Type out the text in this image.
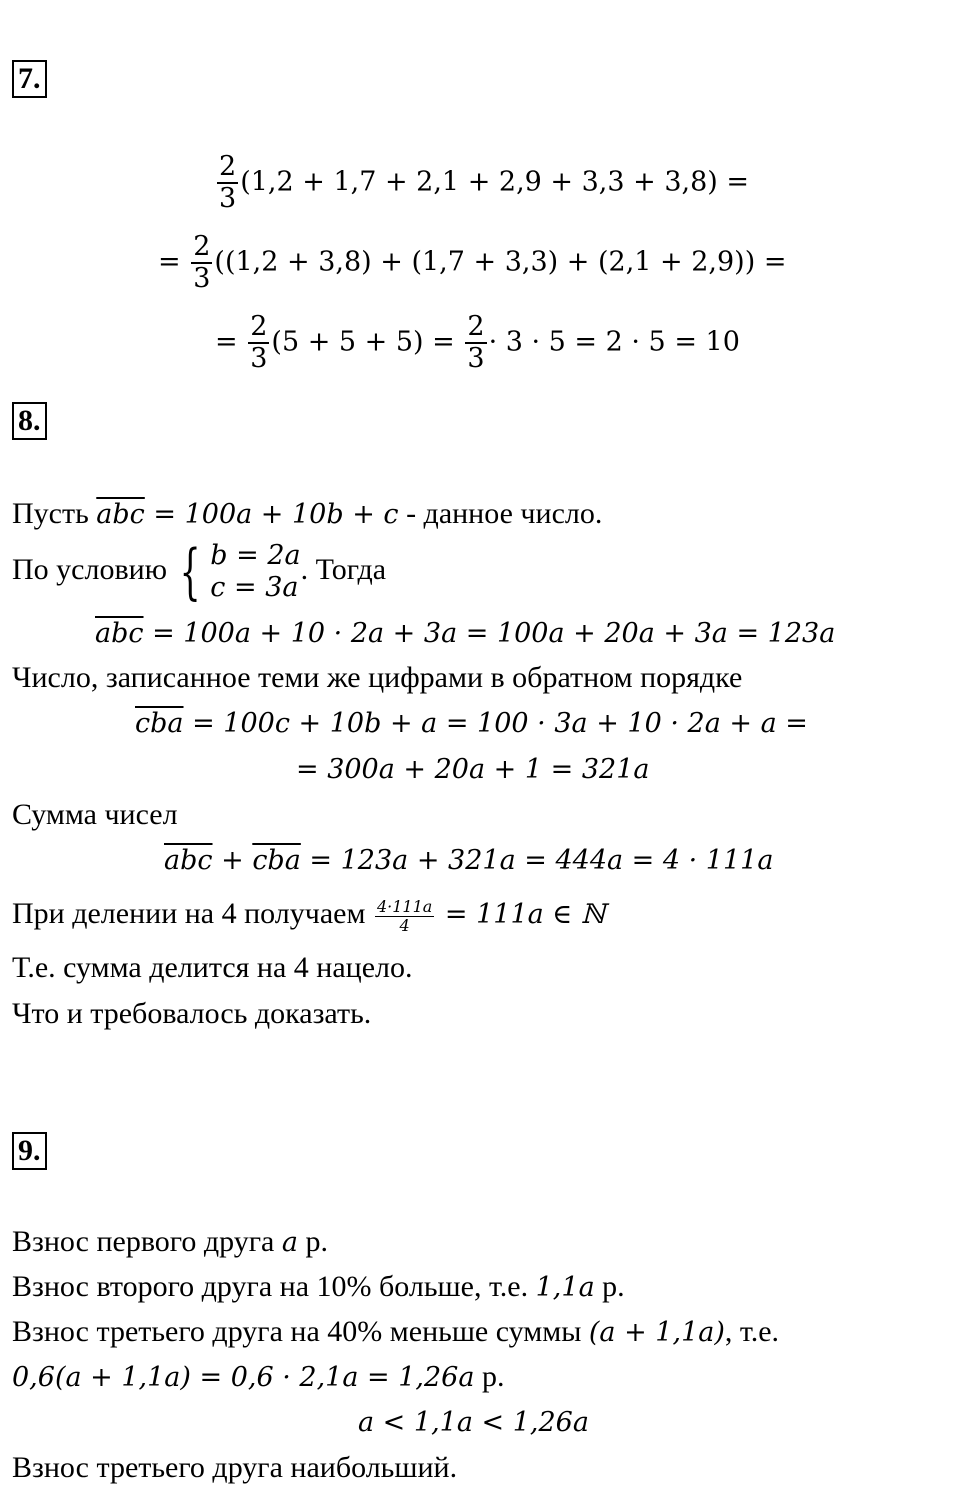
7.
$\frac{2}{3} (1,2 + 1,7 + 2,1 + 2,9 + 3,3 + 3,8)$ =
= $\frac{2}{3} ((1,2 + 3,8) + (1,7 + 3,3) + (2,1 + 2,9))$ =
= $\frac{2}{3} (5 + 5 + 5) = \frac{2}{3} \cdot 3 \cdot 5 = 2 \cdot 5 = 10$
8.
Пусть $\overline{abc} = 100a + 10b + c$ - данное число.
По условию { b = 2a
c = 3a
. Тогда
$\overline{abc} = 100a + 10 \cdot 2a + 3a = 100a + 20a + 3a = 123a$
Число, записанное теми же цифрами в обратном порядке
$\overline{cba} = 100c + 10b + a = 100 \cdot 3a + 10 \cdot 2a + a$ =
= 300a + 20a + 1 = 321a
Сумма чисел
$\overline{abc} + \overline{cba} = 123a + 321a = 444a = 4 \cdot 111a$
При делении на 4 получаем $\frac{4\cdot 111a}{4} = 111a$ ∈ ℕ
Т.е. сумма делится на 4 нацело.
Что и требовалось доказать.
9.
Взнос первого друга a р.
Взнос второго друга на 10% больше, т.е. 1,1a р.
Взнос третьего друга на 40% меньше суммы (a + 1,1a), т.е.
0,6(a + 1,1a) = 0,6 · 2,1a = 1,26a р.
a < 1,1a < 1,26a
Взнос третьего друга наибольший.
